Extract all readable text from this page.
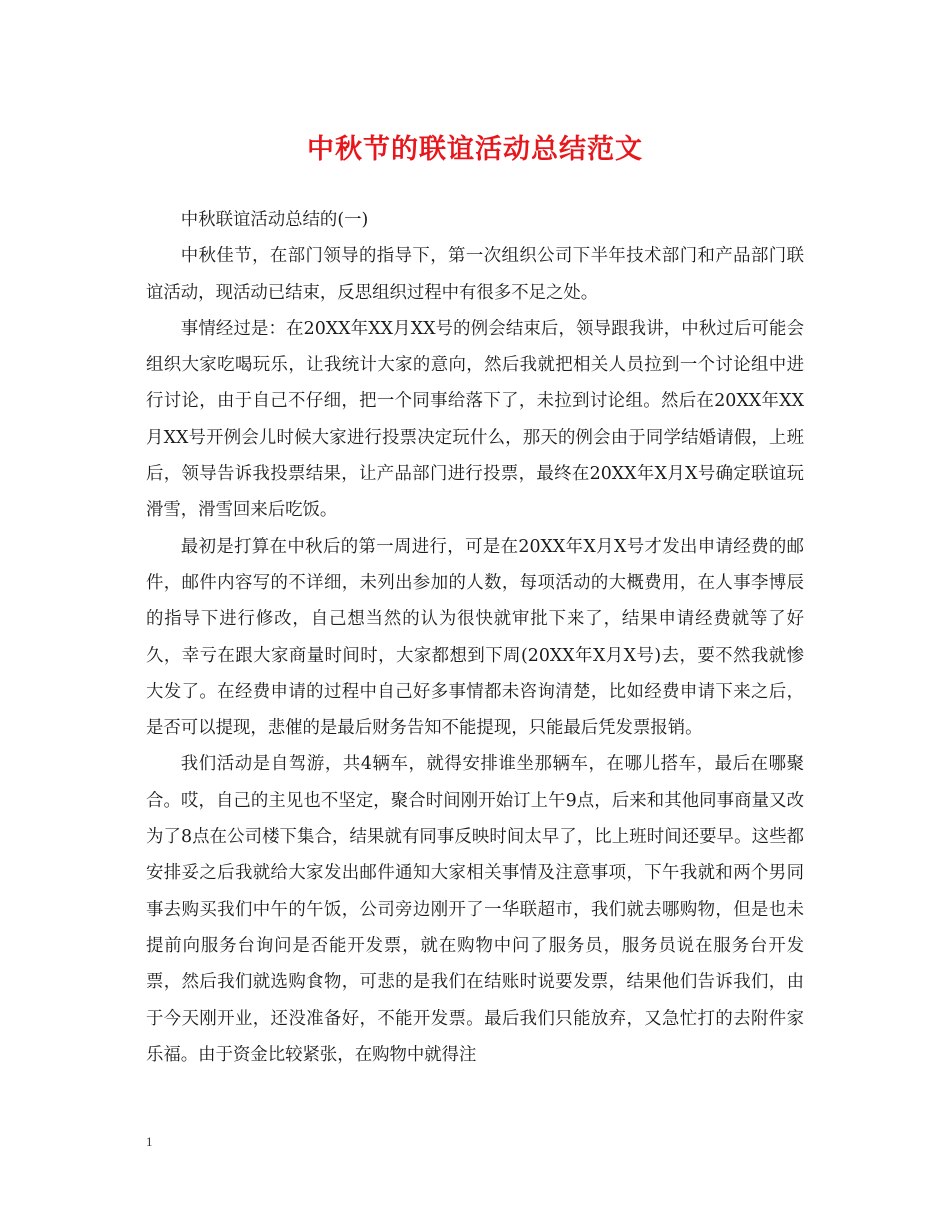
中秋节的联谊活动总结范文

中秋联谊活动总结的(一)

中秋佳节，在部门领导的指导下，第一次组织公司下半年技术部门和产品部门联谊活动，现活动已结束，反思组织过程中有很多不足之处。

事情经过是：在20XX年XX月XX号的例会结束后，领导跟我讲，中秋过后可能会组织大家吃喝玩乐，让我统计大家的意向，然后我就把相关人员拉到一个讨论组中进行讨论，由于自己不仔细，把一个同事给落下了，未拉到讨论组。然后在20XX年XX月XX号开例会儿时候大家进行投票决定玩什么，那天的例会由于同学结婚请假，上班后，领导告诉我投票结果，让产品部门进行投票，最终在20XX年X月X号确定联谊玩滑雪，滑雪回来后吃饭。

最初是打算在中秋后的第一周进行，可是在20XX年X月X号才发出申请经费的邮件，邮件内容写的不详细，未列出参加的人数，每项活动的大概费用，在人事李博辰的指导下进行修改，自己想当然的认为很快就审批下来了，结果申请经费就等了好久，幸亏在跟大家商量时间时，大家都想到下周(20XX年X月X号)去，要不然我就惨大发了。在经费申请的过程中自己好多事情都未咨询清楚，比如经费申请下来之后，是否可以提现，悲催的是最后财务告知不能提现，只能最后凭发票报销。

我们活动是自驾游，共4辆车，就得安排谁坐那辆车，在哪儿搭车，最后在哪聚合。哎，自己的主见也不坚定，聚合时间刚开始订上午9点，后来和其他同事商量又改为了8点在公司楼下集合，结果就有同事反映时间太早了，比上班时间还要早。这些都安排妥之后我就给大家发出邮件通知大家相关事情及注意事项，下午我就和两个男同事去购买我们中午的午饭，公司旁边刚开了一华联超市，我们就去哪购物，但是也未提前向服务台询问是否能开发票，就在购物中问了服务员，服务员说在服务台开发票，然后我们就选购食物，可悲的是我们在结账时说要发票，结果他们告诉我们，由于今天刚开业，还没准备好，不能开发票。最后我们只能放弃，又急忙打的去附件家乐福。由于资金比较紧张，在购物中就得注

1
